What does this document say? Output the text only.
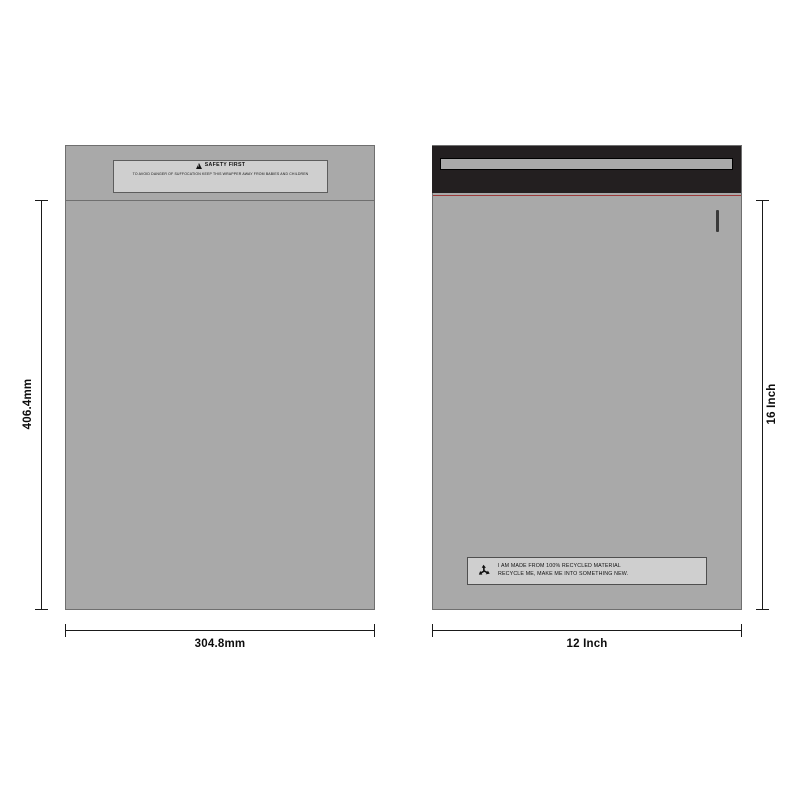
!
SAFETY FIRST
TO AVOID DANGER OF SUFFOCATION KEEP THIS WRAPPER AWAY FROM BABIES AND CHILDREN
I AM MADE FROM 100% RECYCLED MATERIAL
RECYCLE ME, MAKE ME INTO SOMETHING NEW.
406.4mm
304.8mm
16 Inch
12 Inch
